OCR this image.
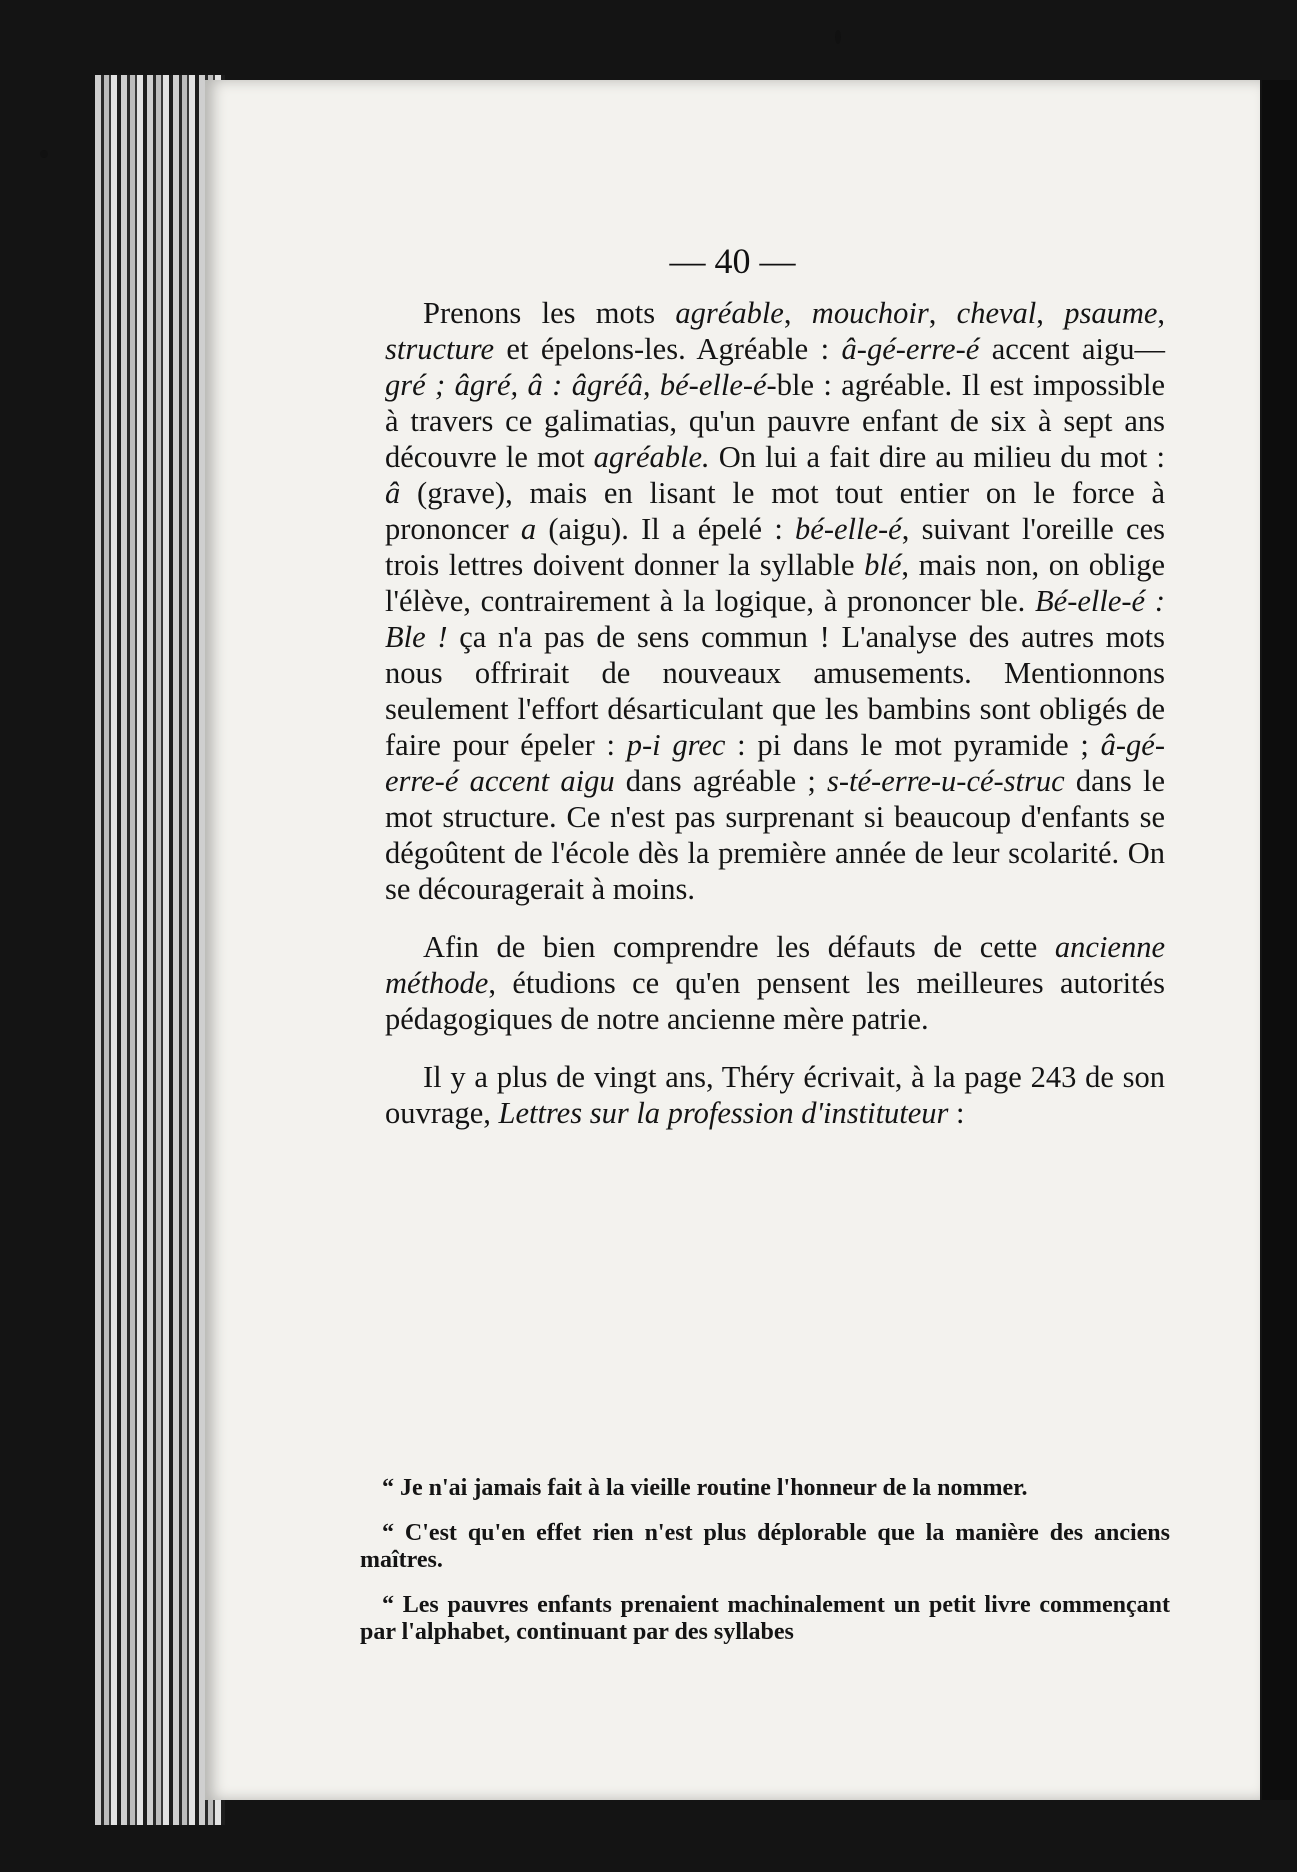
— 40 —

Prenons les mots agréable, mouchoir, cheval, psaume, structure et épelons-les. Agréable : â-gé-erre-é accent aigu—gré ; âgré, â : âgréâ, bé-elle-é-ble : agréable. Il est impossible à travers ce galimatias, qu'un pauvre enfant de six à sept ans découvre le mot agréable. On lui a fait dire au milieu du mot : â (grave), mais en lisant le mot tout entier on le force à prononcer a (aigu). Il a épelé : bé-elle-é, suivant l'oreille ces trois lettres doivent donner la syllable blé, mais non, on oblige l'élève, contrairement à la logique, à prononcer ble. Bé-elle-é : Ble ! ça n'a pas de sens commun ! L'analyse des autres mots nous offrirait de nouveaux amusements. Mentionnons seulement l'effort désarticulant que les bambins sont obligés de faire pour épeler : p-i grec : pi dans le mot pyramide ; â-gé-erre-é accent aigu dans agréable ; s-té-erre-u-cé-struc dans le mot structure. Ce n'est pas surprenant si beaucoup d'enfants se dégoûtent de l'école dès la première année de leur scolarité. On se découragerait à moins.

Afin de bien comprendre les défauts de cette ancienne méthode, étudions ce qu'en pensent les meilleures autorités pédagogiques de notre ancienne mère patrie.

Il y a plus de vingt ans, Théry écrivait, à la page 243 de son ouvrage, Lettres sur la profession d'instituteur :

“ Je n'ai jamais fait à la vieille routine l'honneur de la nommer.

“ C'est qu'en effet rien n'est plus déplorable que la manière des anciens maîtres.

“ Les pauvres enfants prenaient machinalement un petit livre commençant par l'alphabet, continuant par des syllabes
